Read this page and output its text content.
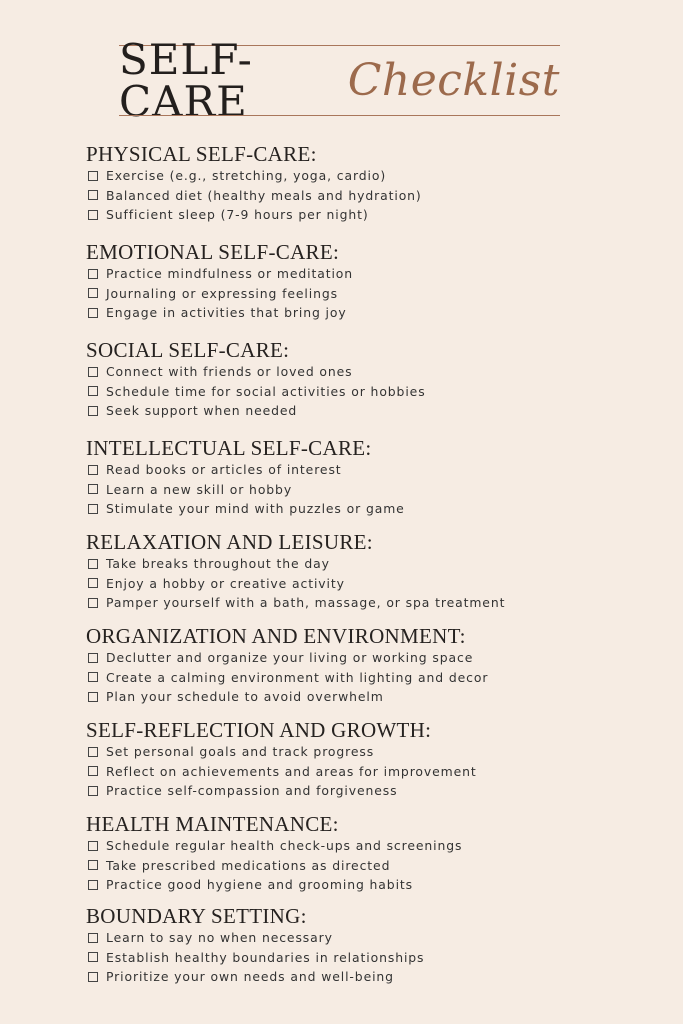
SELF-CARE	Checklist
PHYSICAL SELF-CARE:
Exercise (e.g., stretching, yoga, cardio)
Balanced diet (healthy meals and hydration)
Sufficient sleep (7-9 hours per night)
EMOTIONAL SELF-CARE:
Practice mindfulness or meditation
Journaling or expressing feelings
Engage in activities that bring joy
SOCIAL SELF-CARE:
Connect with friends or loved ones
Schedule time for social activities or hobbies
Seek support when needed
INTELLECTUAL SELF-CARE:
Read books or articles of interest
Learn a new skill or hobby
Stimulate your mind with puzzles or game
RELAXATION AND LEISURE:
Take breaks throughout the day
Enjoy a hobby or creative activity
Pamper yourself with a bath, massage, or spa treatment
ORGANIZATION AND ENVIRONMENT:
Declutter and organize your living or working space
Create a calming environment with lighting and decor
Plan your schedule to avoid overwhelm
SELF-REFLECTION AND GROWTH:
Set personal goals and track progress
Reflect on achievements and areas for improvement
Practice self-compassion and forgiveness
HEALTH MAINTENANCE:
Schedule regular health check-ups and screenings
Take prescribed medications as directed
Practice good hygiene and grooming habits
BOUNDARY SETTING:
Learn to say no when necessary
Establish healthy boundaries in relationships
Prioritize your own needs and well-being
